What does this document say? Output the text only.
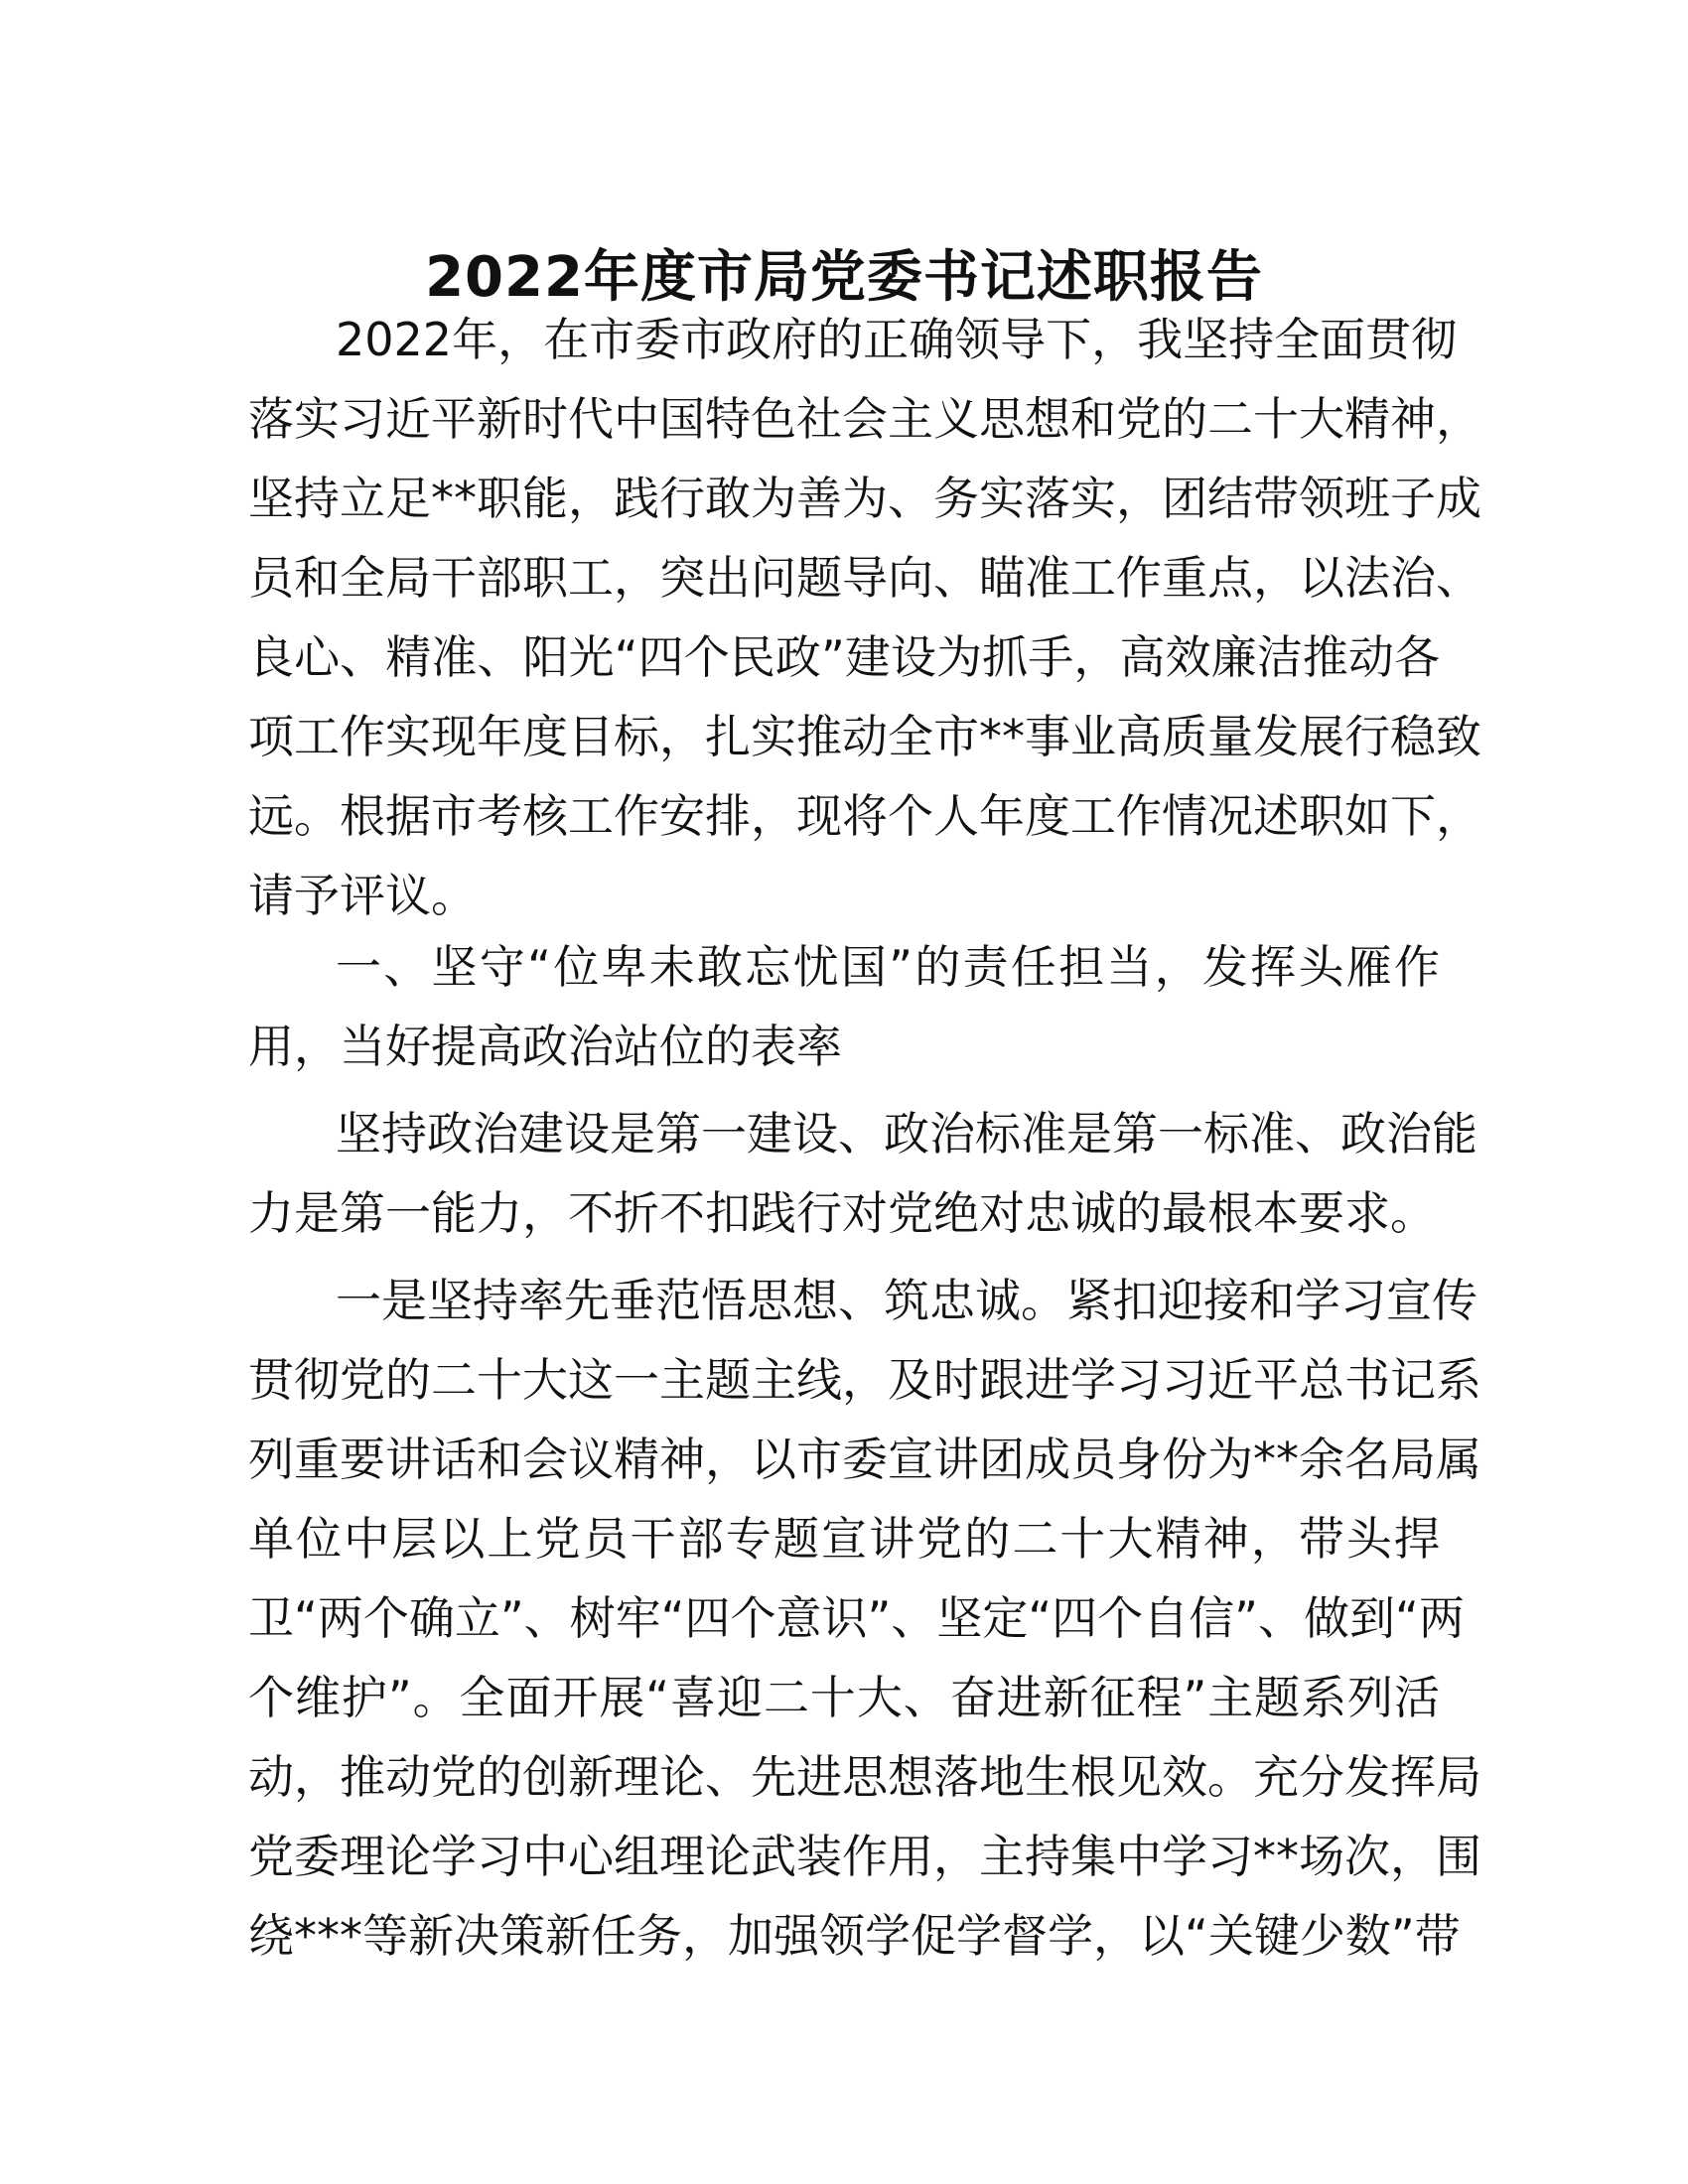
2022年度市局党委书记述职报告

2022年，在市委市政府的正确领导下，我坚持全面贯彻
落实习近平新时代中国特色社会主义思想和党的二十大精神，
坚持立足**职能，践行敢为善为、务实落实，团结带领班子成
员和全局干部职工，突出问题导向、瞄准工作重点，以法治、
良心、精准、阳光“四个民政”建设为抓手，高效廉洁推动各
项工作实现年度目标，扎实推动全市**事业高质量发展行稳致
远。根据市考核工作安排，现将个人年度工作情况述职如下，
请予评议。

一、坚守“位卑未敢忘忧国”的责任担当，发挥头雁作
用，当好提高政治站位的表率

坚持政治建设是第一建设、政治标准是第一标准、政治能
力是第一能力，不折不扣践行对党绝对忠诚的最根本要求。

一是坚持率先垂范悟思想、筑忠诚。紧扣迎接和学习宣传
贯彻党的二十大这一主题主线，及时跟进学习习近平总书记系
列重要讲话和会议精神，以市委宣讲团成员身份为**余名局属
单位中层以上党员干部专题宣讲党的二十大精神，带头捍
卫“两个确立”、树牢“四个意识”、坚定“四个自信”、做到“两
个维护”。全面开展“喜迎二十大、奋进新征程”主题系列活
动，推动党的创新理论、先进思想落地生根见效。充分发挥局
党委理论学习中心组理论武装作用，主持集中学习**场次，围
绕***等新决策新任务，加强领学促学督学，以“关键少数”带
